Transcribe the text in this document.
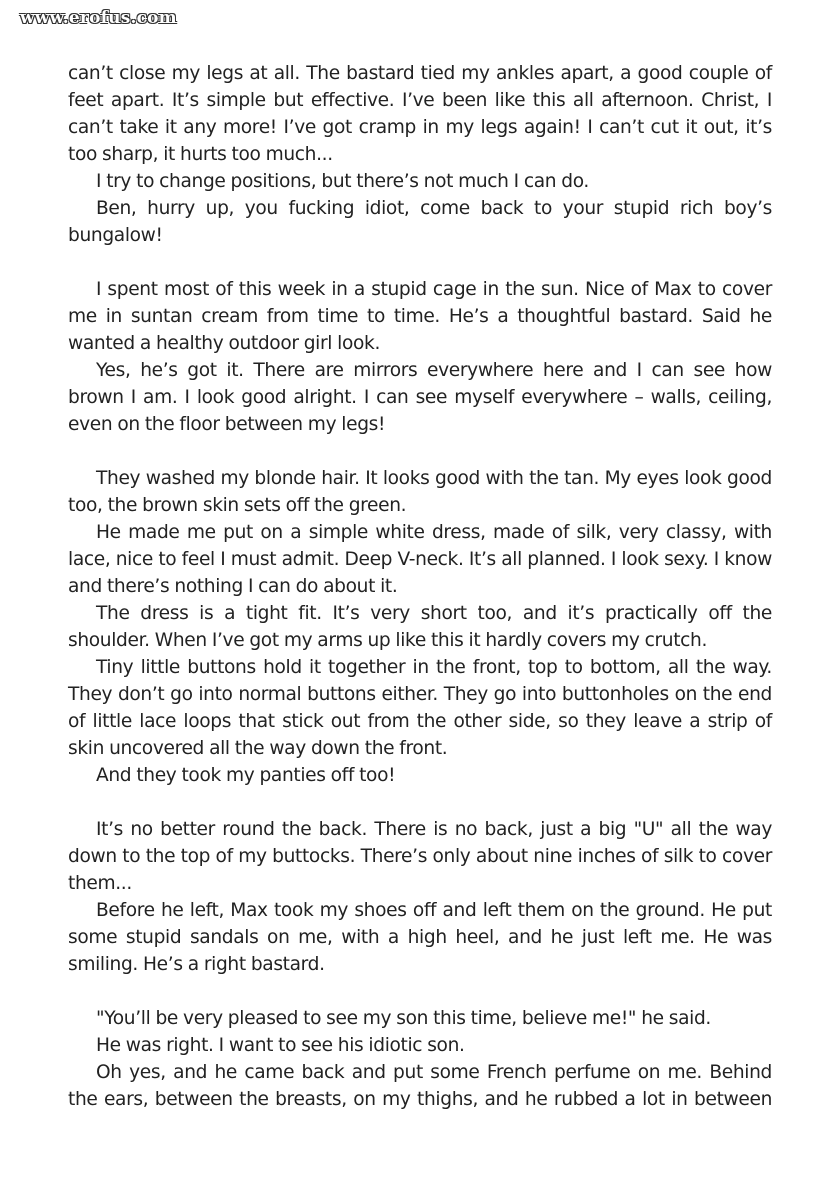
www.erofus.com

can’t close my legs at all. The bastard tied my ankles apart, a good couple of feet apart. It’s simple but effective. I’ve been like this all afternoon. Christ, I can’t take it any more! I’ve got cramp in my legs again! I can’t cut it out, it’s too sharp, it hurts too much...

I try to change positions, but there’s not much I can do.

Ben, hurry up, you fucking idiot, come back to your stupid rich boy’s bungalow!

I spent most of this week in a stupid cage in the sun. Nice of Max to cover me in suntan cream from time to time. He’s a thoughtful bastard. Said he wanted a healthy outdoor girl look.

Yes, he’s got it. There are mirrors everywhere here and I can see how brown I am. I look good alright. I can see myself everywhere – walls, ceiling, even on the floor between my legs!

They washed my blonde hair. It looks good with the tan. My eyes look good too, the brown skin sets off the green.

He made me put on a simple white dress, made of silk, very classy, with lace, nice to feel I must admit. Deep V-neck. It’s all planned. I look sexy. I know and there’s nothing I can do about it.

The dress is a tight fit. It’s very short too, and it’s practically off the shoulder. When I’ve got my arms up like this it hardly covers my crutch.

Tiny little buttons hold it together in the front, top to bottom, all the way. They don’t go into normal buttons either. They go into buttonholes on the end of little lace loops that stick out from the other side, so they leave a strip of skin uncovered all the way down the front.

And they took my panties off too!

It’s no better round the back. There is no back, just a big "U" all the way down to the top of my buttocks. There’s only about nine inches of silk to cover them...

Before he left, Max took my shoes off and left them on the ground. He put some stupid sandals on me, with a high heel, and he just left me. He was smiling. He’s a right bastard.

"You’ll be very pleased to see my son this time, believe me!" he said.

He was right. I want to see his idiotic son.

Oh yes, and he came back and put some French perfume on me. Behind the ears, between the breasts, on my thighs, and he rubbed a lot in between
